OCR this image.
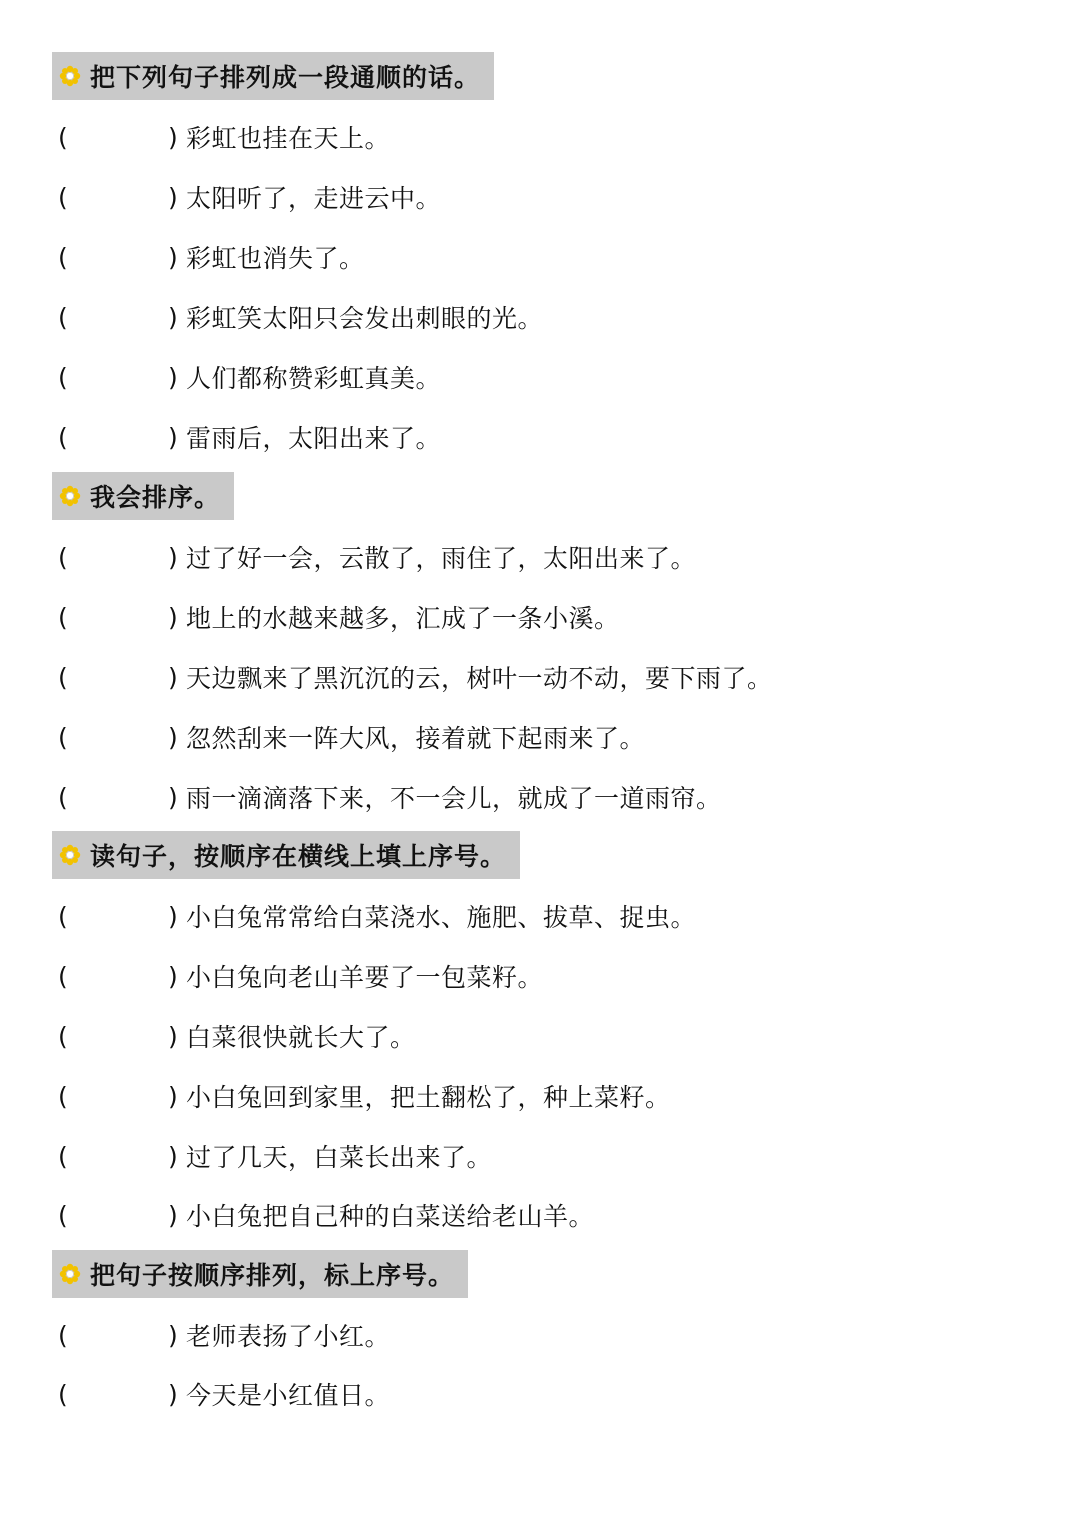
把下列句子排列成一段通顺的话。
(	) 彩虹也挂在天上。
(	) 太阳听了，走进云中。
(	) 彩虹也消失了。
(	) 彩虹笑太阳只会发出刺眼的光。
(	) 人们都称赞彩虹真美。
(	) 雷雨后，太阳出来了。
我会排序。
(	) 过了好一会，云散了，雨住了，太阳出来了。
(	) 地上的水越来越多，汇成了一条小溪。
(	) 天边飘来了黑沉沉的云，树叶一动不动，要下雨了。
(	) 忽然刮来一阵大风，接着就下起雨来了。
(	) 雨一滴滴落下来，不一会儿，就成了一道雨帘。
读句子，按顺序在横线上填上序号。
(	) 小白兔常常给白菜浇水、施肥、拔草、捉虫。
(	) 小白兔向老山羊要了一包菜籽。
(	) 白菜很快就长大了。
(	) 小白兔回到家里，把土翻松了，种上菜籽。
(	) 过了几天，白菜长出来了。
(	) 小白兔把自己种的白菜送给老山羊。
把句子按顺序排列，标上序号。
(	) 老师表扬了小红。
(	) 今天是小红值日。
